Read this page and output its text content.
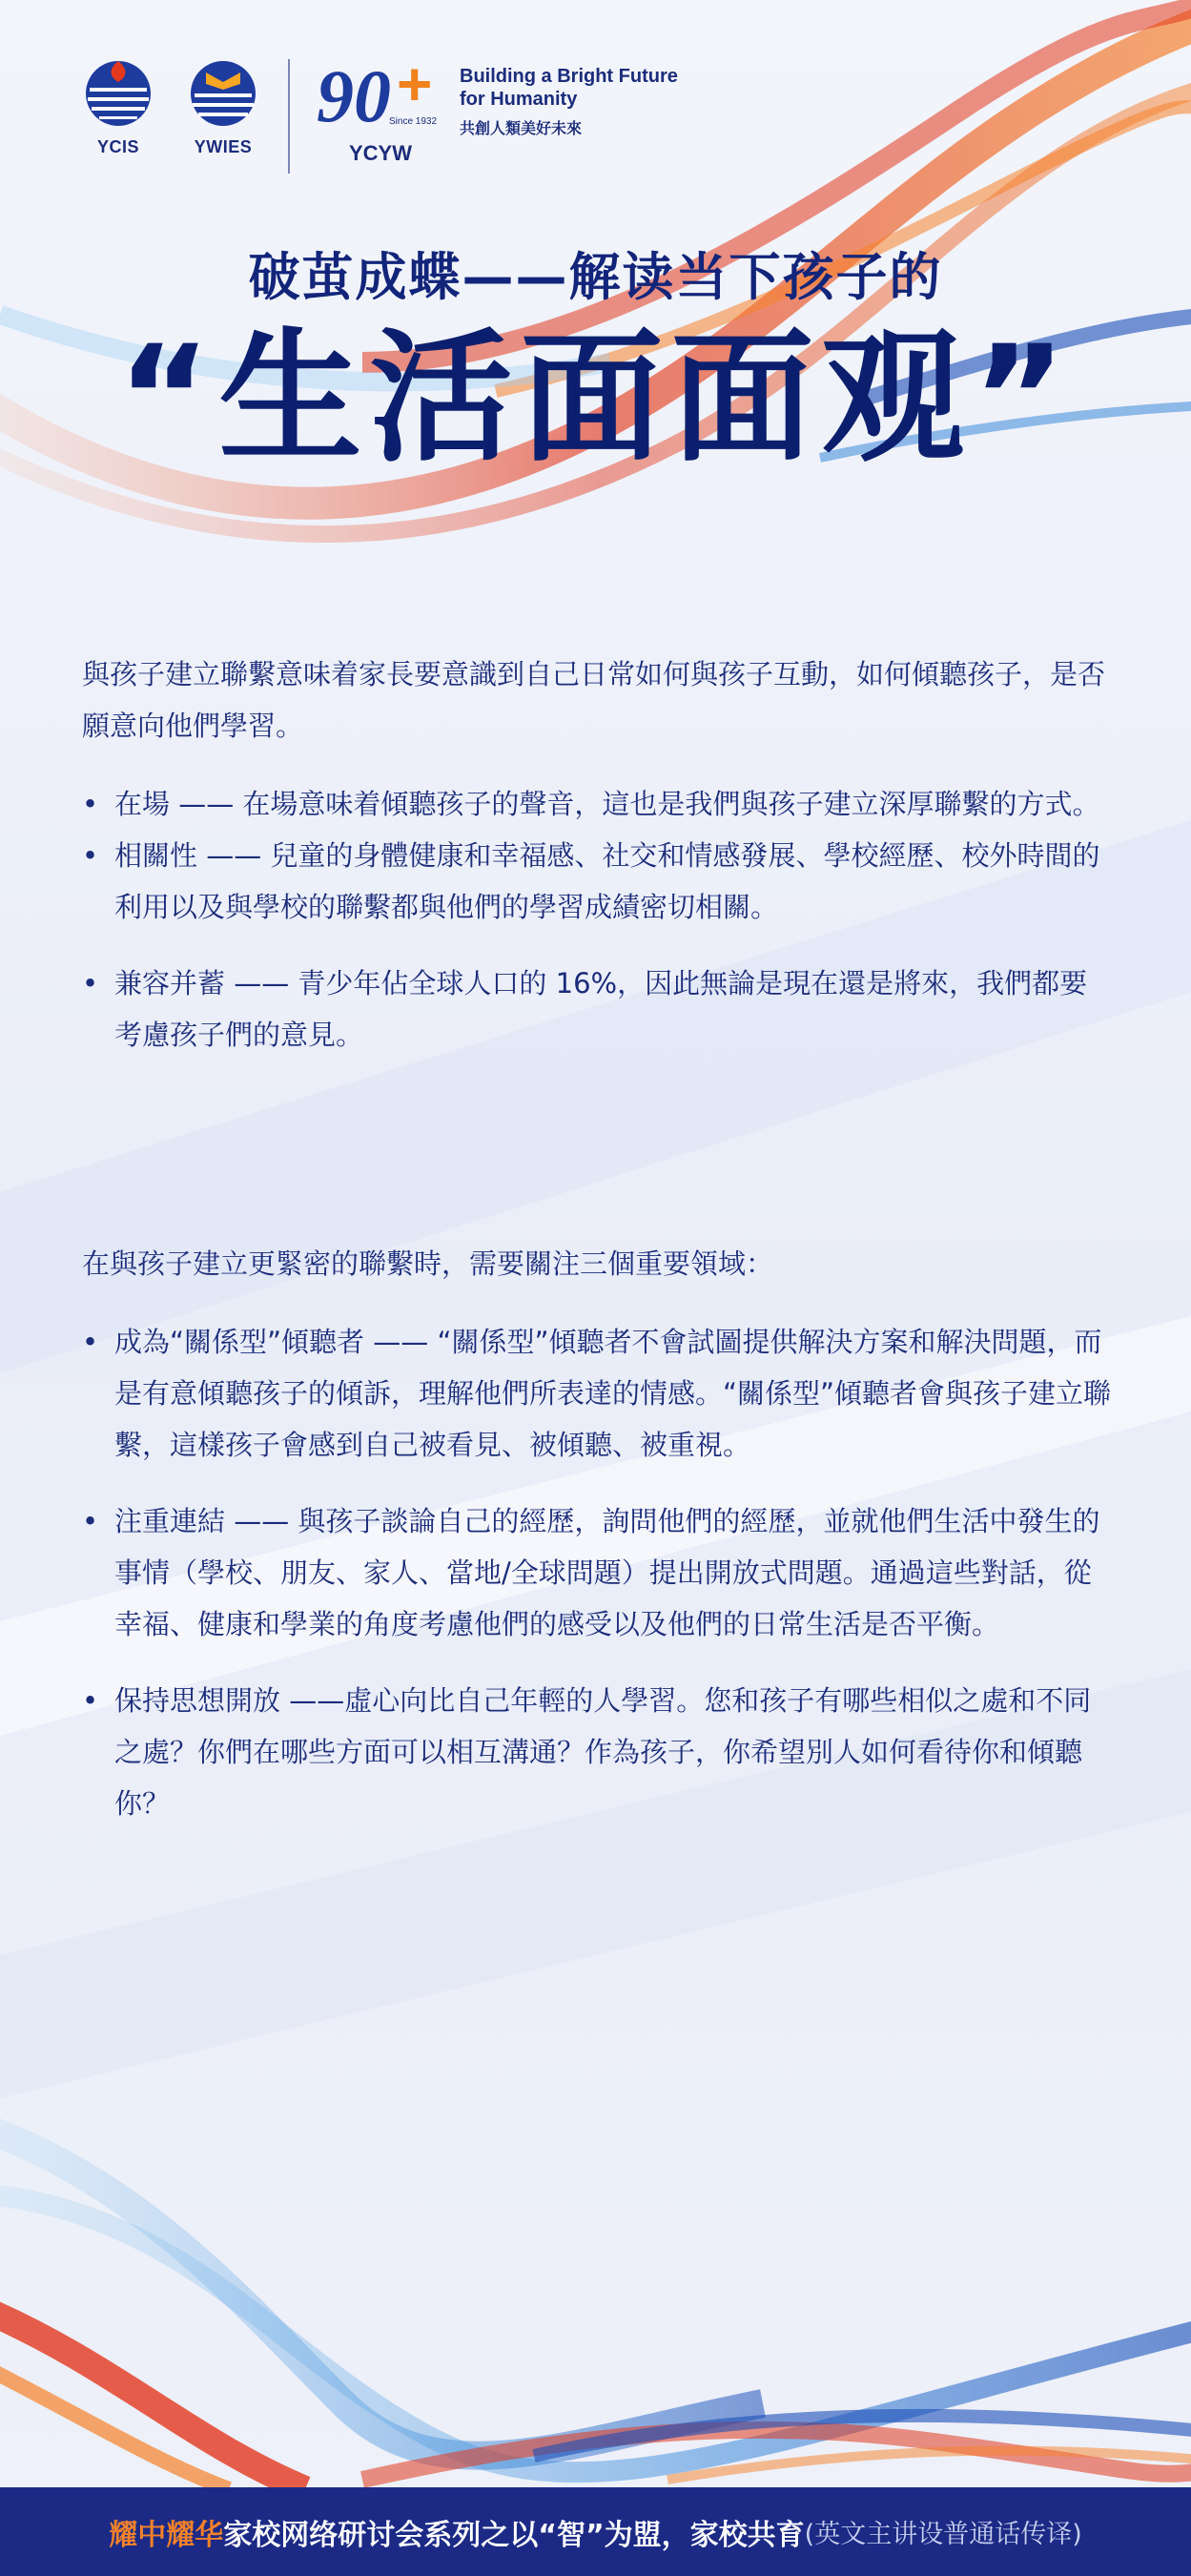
YCIS	YWIES
90 +
Since 1932
YCYW
Building a Bright Future
for Humanity
共創人類美好未來
破茧成蝶——解读当下孩子的
“生活面面观”

與孩子建立聯繫意味着家長要意識到自己日常如何與孩子互動，如何傾聽孩子，是否願意向他們學習。

• 在場 —— 在場意味着傾聽孩子的聲音，這也是我們與孩子建立深厚聯繫的方式。
• 相關性 —— 兒童的身體健康和幸福感、社交和情感發展、學校經歷、校外時間的利用以及與學校的聯繫都與他們的學習成績密切相關。
• 兼容并蓄 —— 青少年佔全球人口的 16%，因此無論是現在還是將來，我們都要考慮孩子們的意見。

在與孩子建立更緊密的聯繫時，需要關注三個重要領域：

• 成為“關係型”傾聽者 —— “關係型”傾聽者不會試圖提供解決方案和解決問題，而是有意傾聽孩子的傾訴，理解他們所表達的情感。“關係型”傾聽者會與孩子建立聯繫，這樣孩子會感到自己被看見、被傾聽、被重視。
• 注重連結 —— 與孩子談論自己的經歷，詢問他們的經歷，並就他們生活中發生的事情（學校、朋友、家人、當地/全球問題）提出開放式問題。通過這些對話，從幸福、健康和學業的角度考慮他們的感受以及他們的日常生活是否平衡。
• 保持思想開放 ——虛心向比自己年輕的人學習。您和孩子有哪些相似之處和不同之處？你們在哪些方面可以相互溝通？作為孩子，你希望別人如何看待你和傾聽你？
耀中耀华 家校网络研讨会系列之以“智”为盟，家校共育 (英文主讲设普通话传译)
